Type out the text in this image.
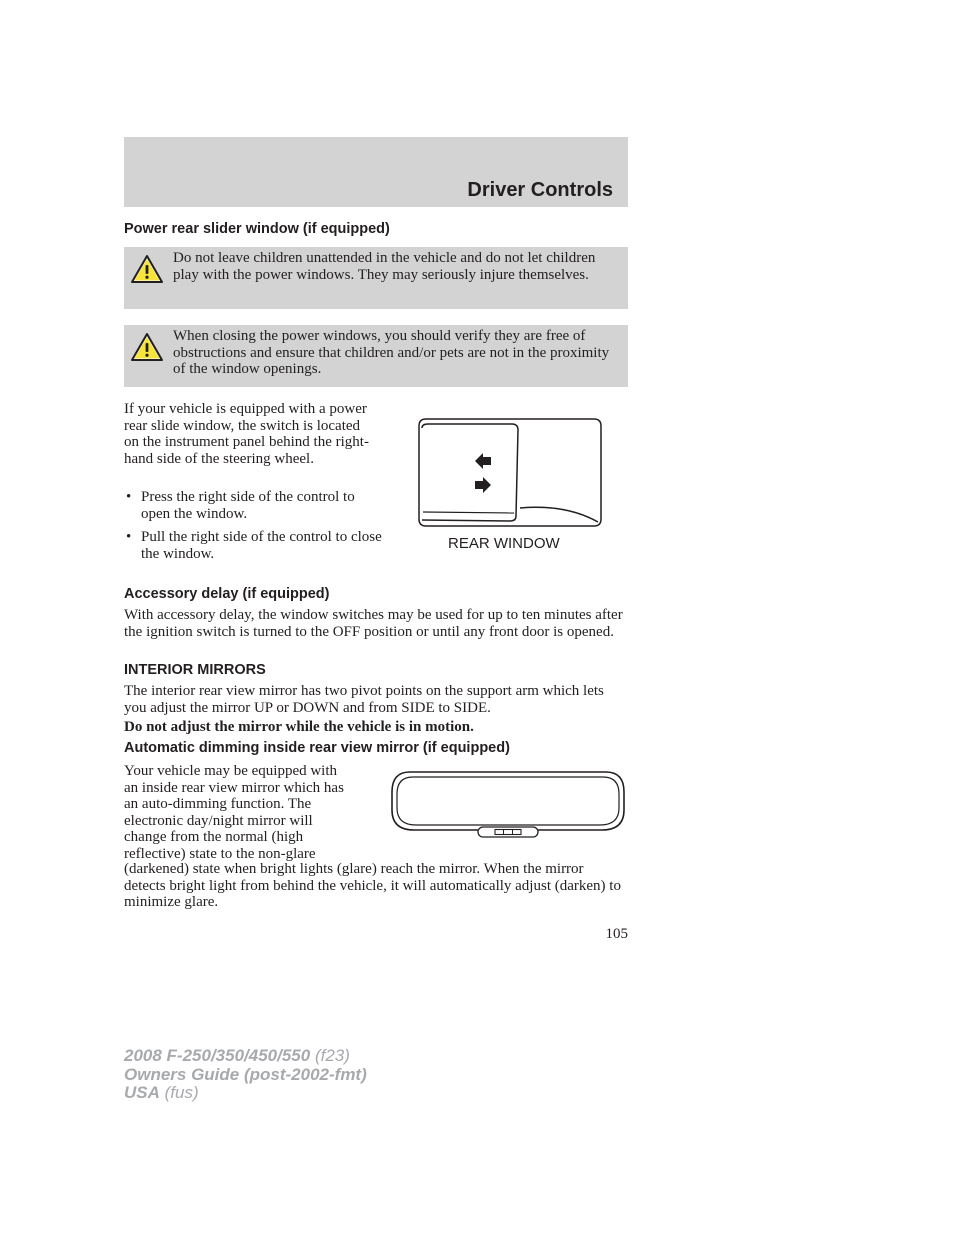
Driver Controls
Power rear slider window (if equipped)
Do not leave children unattended in the vehicle and do not let children play with the power windows. They may seriously injure themselves.
When closing the power windows, you should verify they are free of obstructions and ensure that children and/or pets are not in the proximity of the window openings.

If your vehicle is equipped with a power rear slide window, the switch is located on the instrument panel behind the right-hand side of the steering wheel.

• Press the right side of the control to open the window.
• Pull the right side of the control to close the window.
REAR WINDOW
Accessory delay (if equipped)

With accessory delay, the window switches may be used for up to ten minutes after the ignition switch is turned to the OFF position or until any front door is opened.

INTERIOR MIRRORS

The interior rear view mirror has two pivot points on the support arm which lets you adjust the mirror UP or DOWN and from SIDE to SIDE.

Do not adjust the mirror while the vehicle is in motion.

Automatic dimming inside rear view mirror (if equipped)
Your vehicle may be equipped with
an inside rear view mirror which has
an auto-dimming function. The
electronic day/night mirror will
change from the normal (high
reflective) state to the non-glare

(darkened) state when bright lights (glare) reach the mirror. When the mirror detects bright light from behind the vehicle, it will automatically adjust (darken) to minimize glare.

105
2008 F-250/350/450/550 (f23)
Owners Guide (post-2002-fmt)
USA (fus)
